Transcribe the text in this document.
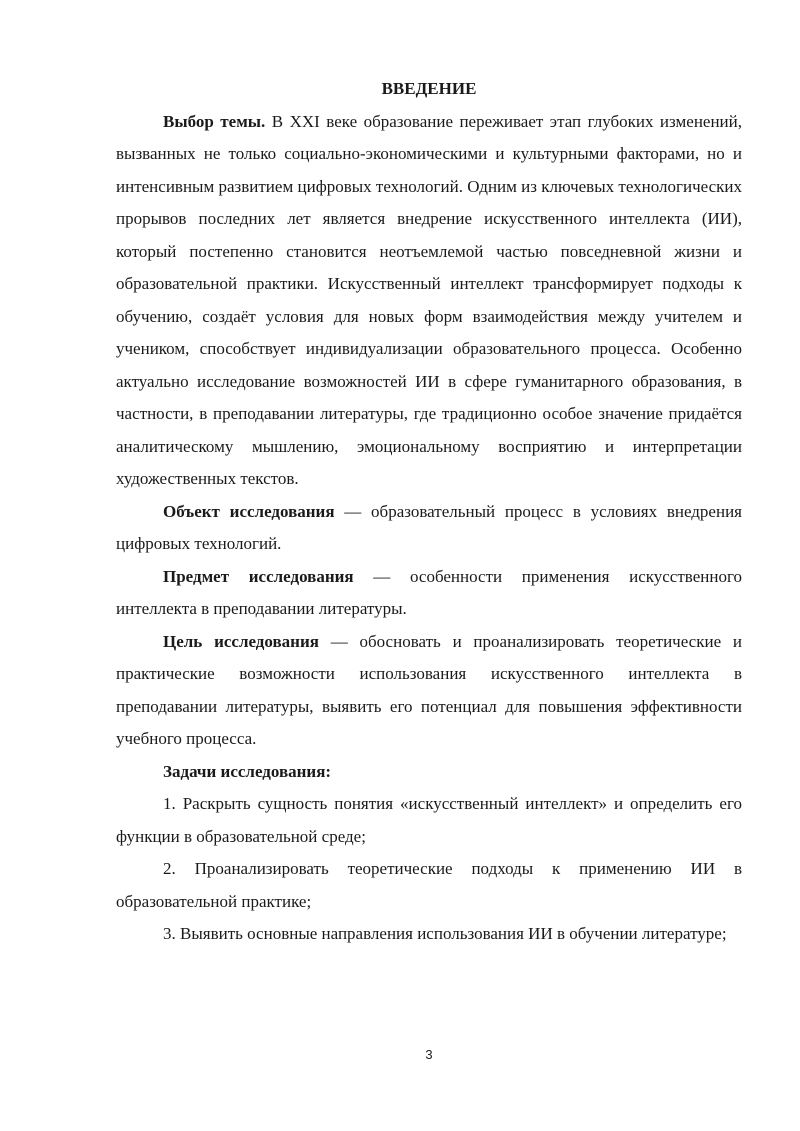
ВВЕДЕНИЕ

Выбор темы. В XXI веке образование переживает этап глубоких изменений, вызванных не только социально-экономическими и культурными факторами, но и интенсивным развитием цифровых технологий. Одним из ключевых технологических прорывов последних лет является внедрение искусственного интеллекта (ИИ), который постепенно становится неотъемлемой частью повседневной жизни и образовательной практики. Искусственный интеллект трансформирует подходы к обучению, создаёт условия для новых форм взаимодействия между учителем и учеником, способствует индивидуализации образовательного процесса. Особенно актуально исследование возможностей ИИ в сфере гуманитарного образования, в частности, в преподавании литературы, где традиционно особое значение придаётся аналитическому мышлению, эмоциональному восприятию и интерпретации художественных текстов.

Объект исследования — образовательный процесс в условиях внедрения цифровых технологий.

Предмет исследования — особенности применения искусственного интеллекта в преподавании литературы.

Цель исследования — обосновать и проанализировать теоретические и практические возможности использования искусственного интеллекта в преподавании литературы, выявить его потенциал для повышения эффективности учебного процесса.

Задачи исследования:

1. Раскрыть сущность понятия «искусственный интеллект» и определить его функции в образовательной среде;

2. Проанализировать теоретические подходы к применению ИИ в образовательной практике;

3. Выявить основные направления использования ИИ в обучении литературе;

3
